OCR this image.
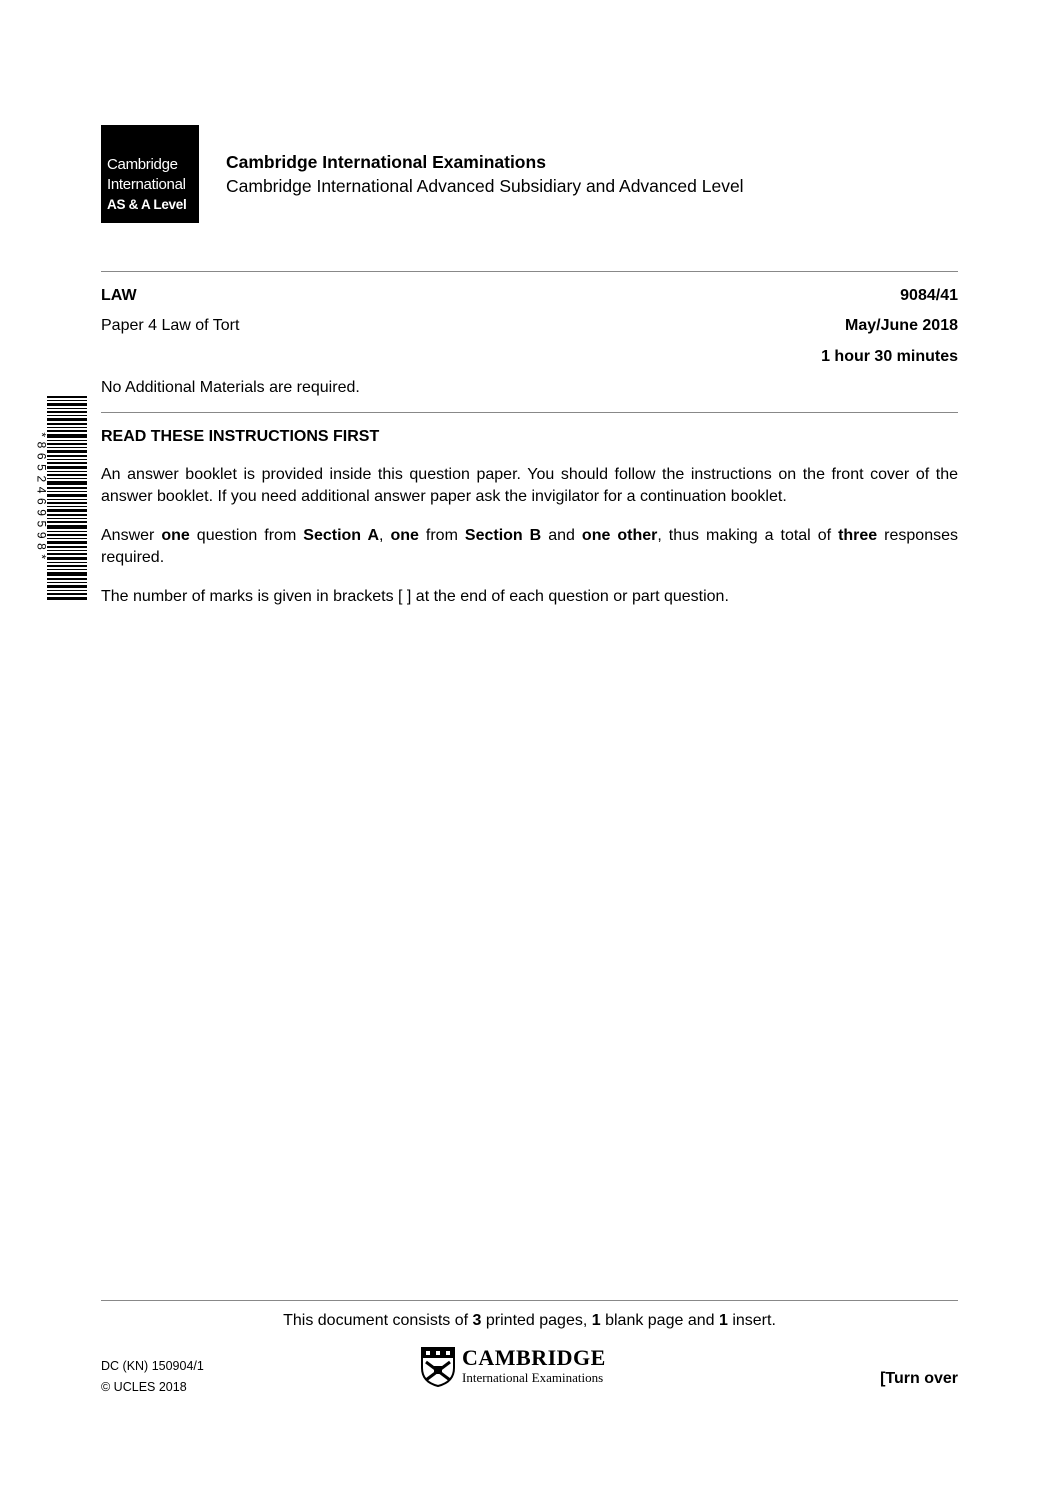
Cambridge
International
AS & A Level
Cambridge International Examinations
Cambridge International Advanced Subsidiary and Advanced Level
LAW	9084/41
Paper 4 Law of Tort	May/June 2018
1 hour 30 minutes
No Additional Materials are required.
*8652469598*	READ THESE INSTRUCTIONS FIRST
An answer booklet is provided inside this question paper. You should follow the instructions on the front cover of the answer booklet. If you need additional answer paper ask the invigilator for a continuation booklet.
Answer one question from Section A, one from Section B and one other, thus making a total of three responses required.
The number of marks is given in brackets [ ] at the end of each question or part question.
This document consists of 3 printed pages, 1 blank page and 1 insert.
DC (KN) 150904/1
© UCLES 2018
CAMBRIDGE
International Examinations	[Turn over
